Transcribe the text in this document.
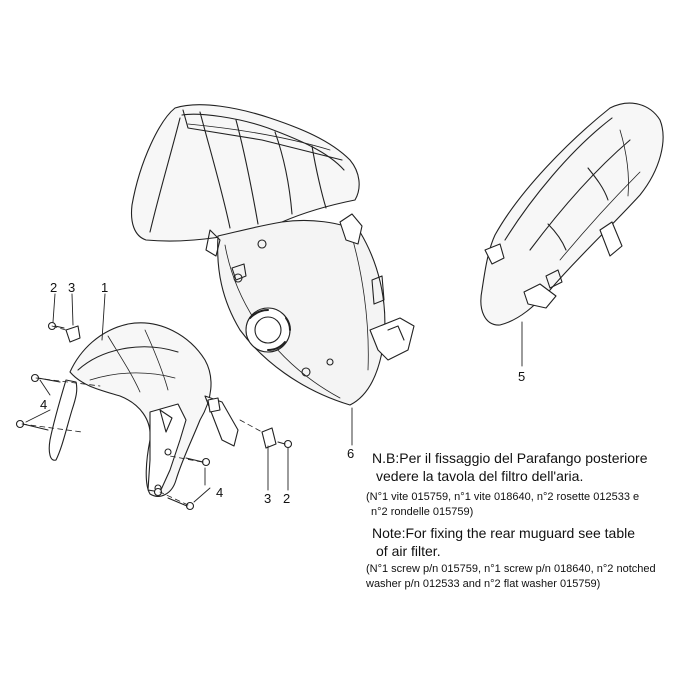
2 3 1
4
4	3 2
6
5
N.B:Per il fissaggio del Parafango posteriore
vedere la tavola del filtro dell'aria.
(N°1 vite 015759, n°1 vite 018640, n°2 rosette 012533 e
n°2 rondelle 015759)
Note:For fixing the rear muguard see table
of air filter.
(N°1 screw p/n 015759, n°1 screw p/n 018640, n°2 notched
washer p/n 012533 and n°2 flat washer 015759)
